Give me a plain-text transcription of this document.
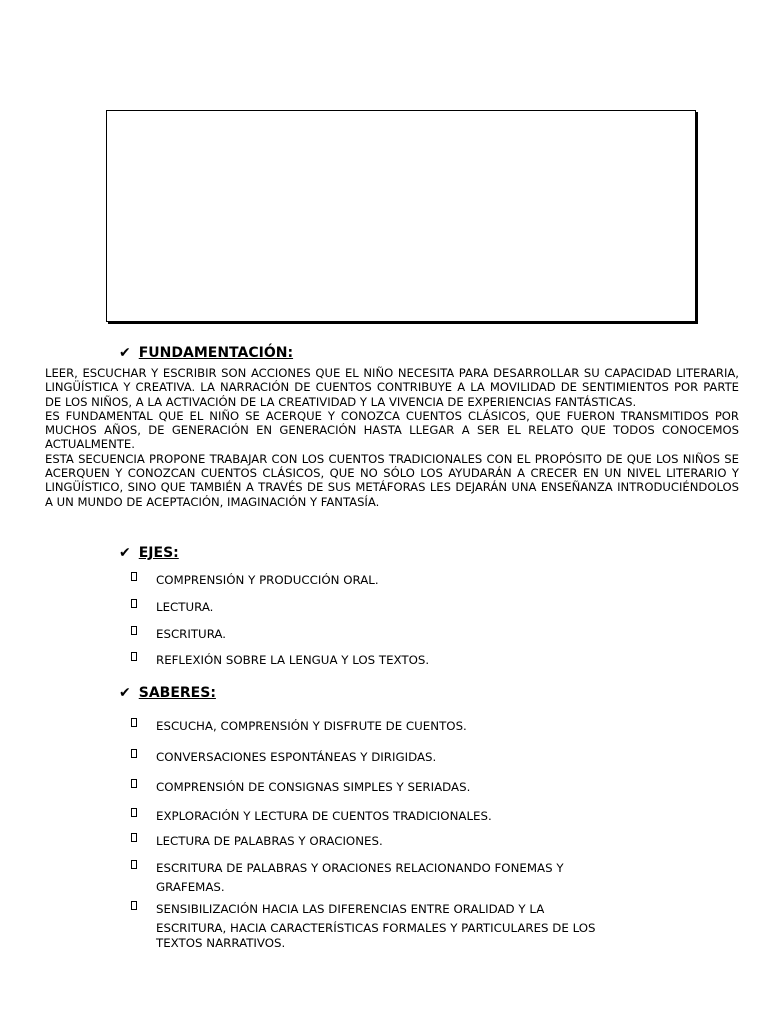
✔ FUNDAMENTACIÓN:

LEER, ESCUCHAR Y ESCRIBIR SON ACCIONES QUE EL NIÑO NECESITA PARA DESARROLLAR SU CAPACIDAD LITERARIA, LINGÜÍSTICA Y CREATIVA. LA NARRACIÓN DE CUENTOS CONTRIBUYE A LA MOVILIDAD DE SENTIMIENTOS POR PARTE DE LOS NIÑOS, A LA ACTIVACIÓN DE LA CREATIVIDAD Y LA VIVENCIA DE EXPERIENCIAS FANTÁSTICAS.

ES FUNDAMENTAL QUE EL NIÑO SE ACERQUE Y CONOZCA CUENTOS CLÁSICOS, QUE FUERON TRANSMITIDOS POR MUCHOS AÑOS, DE GENERACIÓN EN GENERACIÓN HASTA LLEGAR A SER EL RELATO QUE TODOS CONOCEMOS ACTUALMENTE.

ESTA SECUENCIA PROPONE TRABAJAR CON LOS CUENTOS TRADICIONALES CON EL PROPÓSITO DE QUE LOS NIÑOS SE ACERQUEN Y CONOZCAN CUENTOS CLÁSICOS, QUE NO SÓLO LOS AYUDARÁN A CRECER EN UN NIVEL LITERARIO Y LINGÜÍSTICO, SINO QUE TAMBIÉN A TRAVÉS DE SUS METÁFORAS LES DEJARÁN UNA ENSEÑANZA INTRODUCIÉNDOLOS A UN MUNDO DE ACEPTACIÓN, IMAGINACIÓN Y FANTASÍA.

✔ EJES:
COMPRENSIÓN Y PRODUCCIÓN ORAL.
LECTURA.
ESCRITURA.
REFLEXIÓN SOBRE LA LENGUA Y LOS TEXTOS.
✔ SABERES:
ESCUCHA, COMPRENSIÓN Y DISFRUTE DE CUENTOS.
CONVERSACIONES ESPONTÁNEAS Y DIRIGIDAS.
COMPRENSIÓN DE CONSIGNAS SIMPLES Y SERIADAS.
EXPLORACIÓN Y LECTURA DE CUENTOS TRADICIONALES.
LECTURA DE PALABRAS Y ORACIONES.
ESCRITURA DE PALABRAS Y ORACIONES RELACIONANDO FONEMAS Y
GRAFEMAS.
SENSIBILIZACIÓN HACIA LAS DIFERENCIAS ENTRE ORALIDAD Y LA
ESCRITURA, HACIA CARACTERÍSTICAS FORMALES Y PARTICULARES DE LOS
TEXTOS NARRATIVOS.
